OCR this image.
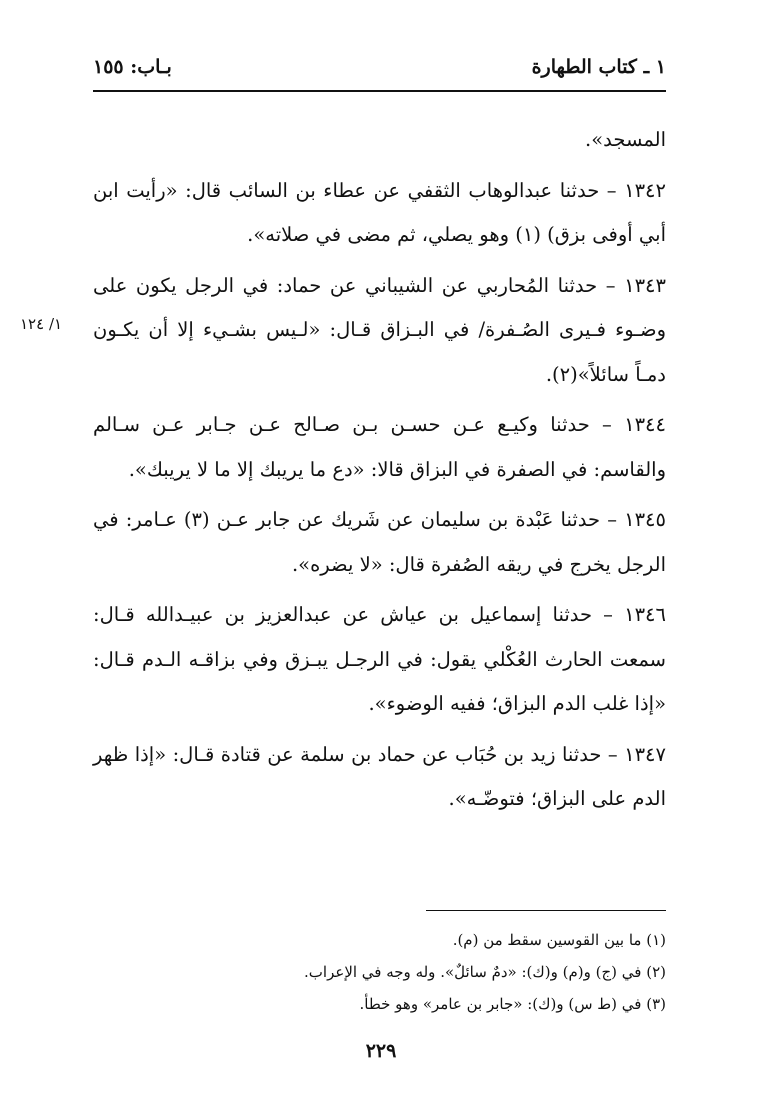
١ ـ كتاب الطهارة
بـاب: ١٥٥
١/ ١٢٤

المسجد».

١٣٤٢ – حدثنا عبدالوهاب الثقفي عن عطاء بن السائب قال: «رأيت ابن أبي أوفى بزق) (١) وهو يصلي، ثم مضى في صلاته».

١٣٤٣ – حدثنا المُحاربي عن الشيباني عن حماد: في الرجل يكون على وضـوء فـيرى الصُـفرة/ في البـزاق قـال: «لـيس بشـيء إلا أن يكـون دمـاً سائلاً»(٢).

١٣٤٤ – حدثنا وكيـع عـن حسـن بـن صـالح عـن جـابر عـن سـالم والقاسم: في الصفرة في البزاق قالا: «دع ما يريبك إلا ما لا يريبك».

١٣٤٥ – حدثنا عَبْدة بن سليمان عن شَريك عن جابر عـن (٣) عـامر: في الرجل يخرج في ريقه الصُفرة قال: «لا يضره».

١٣٤٦ – حدثنا إسماعيل بن عياش عن عبدالعزيز بن عبيـدالله قـال: سمعت الحارث العُكْلي يقول: في الرجـل يبـزق وفي بزاقـه الـدم قـال: «إذا غلب الدم البزاق؛ ففيه الوضوء».

١٣٤٧ – حدثنا زيد بن حُبَاب عن حماد بن سلمة عن قتادة قـال: «إذا ظهر الدم على البزاق؛ فتوضّـه».

(١) ما بين القوسين سقط من (م).
(٢) في (ج) و(م) و(ك): «دمٌ سائلٌ». وله وجه في الإعراب.
(٣) في (ط س) و(ك): «جابر بن عامر» وهو خطأ.
٢٢٩
